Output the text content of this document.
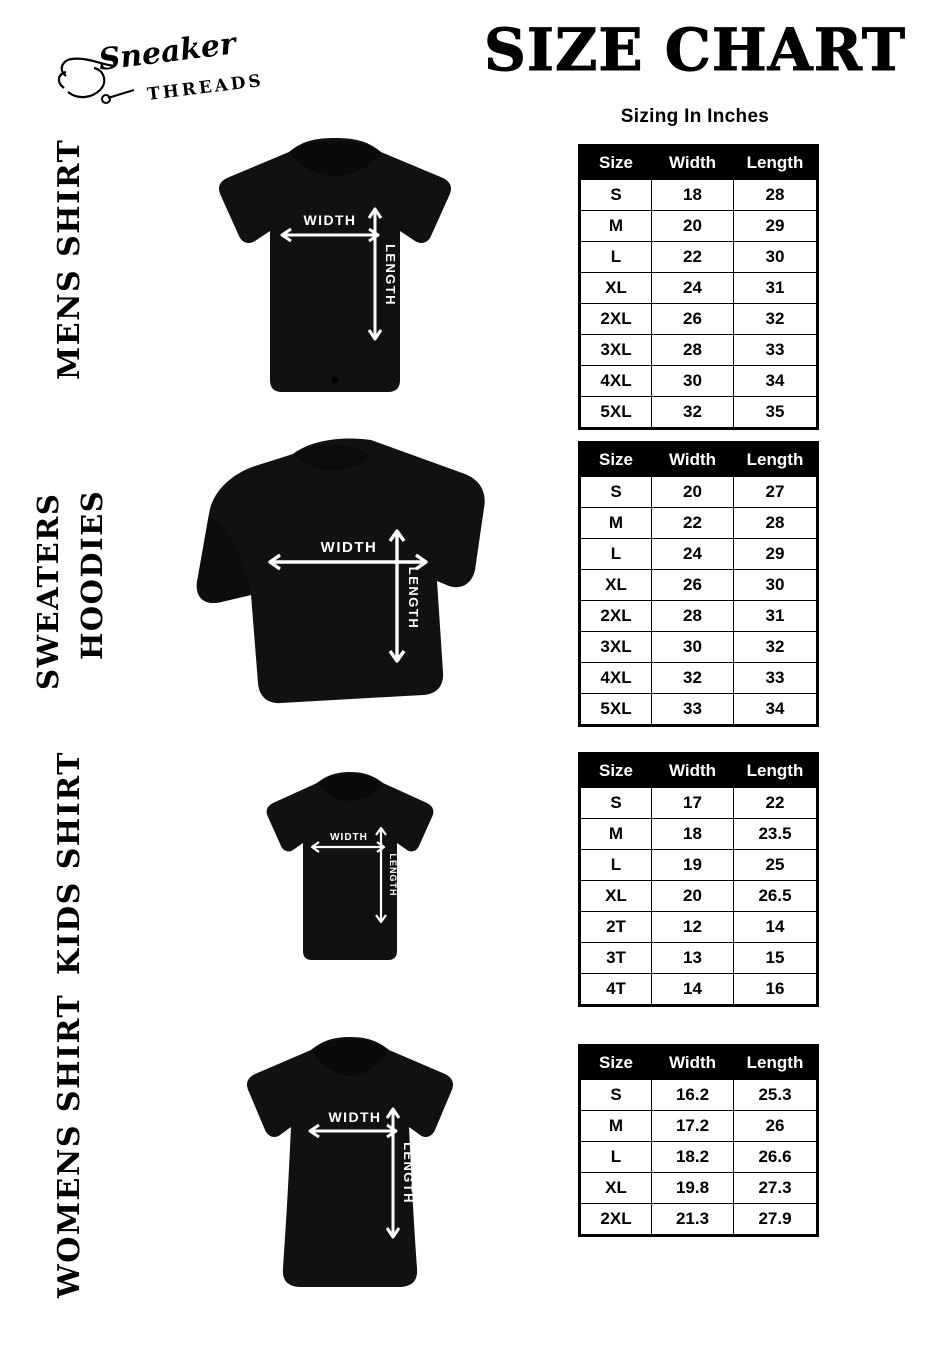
Sneaker
THREADS
SIZE CHART
Sizing In Inches
MENS SHIRT	WIDTH
LENGTH
Size	Width	Length
S	18	28
M	20	29
L	22	30
XL	24	31
2XL	26	32
3XL	28	33
4XL	30	34
5XL	32	35
SWEATERS HOODIES	WIDTH
LENGTH
Size	Width	Length
S	20	27
M	22	28
L	24	29
XL	26	30
2XL	28	31
3XL	30	32
4XL	32	33
5XL	33	34
KIDS SHIRT	WIDTH
LENGTH
Size	Width	Length
S	17	22
M	18	23.5
L	19	25
XL	20	26.5
2T	12	14
3T	13	15
4T	14	16
WOMENS SHIRT	WIDTH
LENGTH
Size	Width	Length
S	16.2	25.3
M	17.2	26
L	18.2	26.6
XL	19.8	27.3
2XL	21.3	27.9
